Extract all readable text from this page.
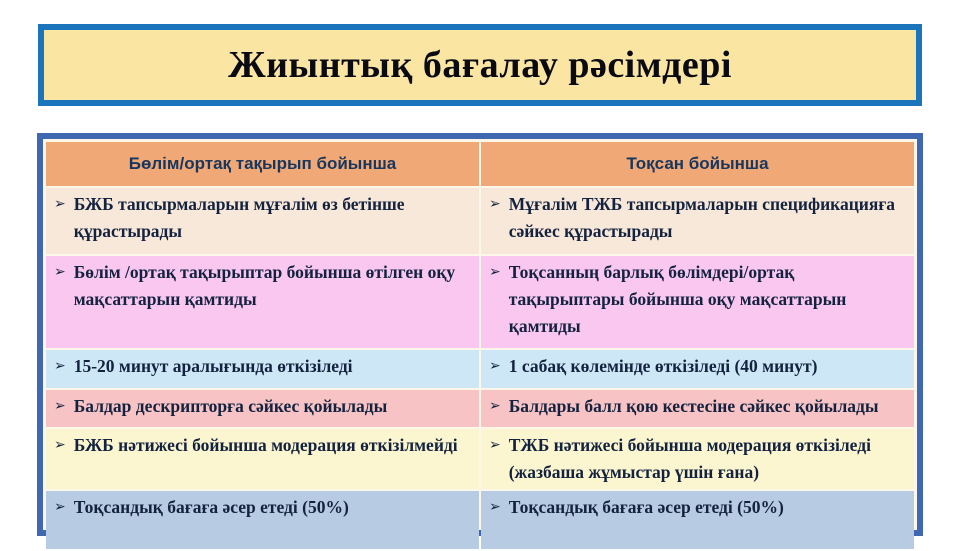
Жиынтық бағалау рәсімдері
Бөлім/ортақ тақырып бойынша	Тоқсан бойынша

➢ БЖБ тапсырмаларын мұғалім өз бетінше құрастырады	➢ Мұғалім ТЖБ тапсырмаларын спецификацияға сәйкес құрастырады

➢ Бөлім /ортақ тақырыптар бойынша өтілген оқу мақсаттарын қамтиды	➢ Тоқсанның барлық бөлімдері/ортақ тақырыптары бойынша оқу мақсаттарын қамтиды

➢ 15-20 минут аралығында өткізіледі	➢ 1 сабақ көлемінде өткізіледі (40 минут)

➢ Балдар дескрипторға сәйкес қойылады	➢ Балдары балл қою кестесіне сәйкес қойылады

➢ БЖБ нәтижесі бойынша модерация өткізілмейді	➢ ТЖБ нәтижесі бойынша модерация өткізіледі (жазбаша жұмыстар үшін ғана)

➢ Тоқсандық бағаға әсер етеді (50%)	➢ Тоқсандық бағаға әсер етеді (50%)
